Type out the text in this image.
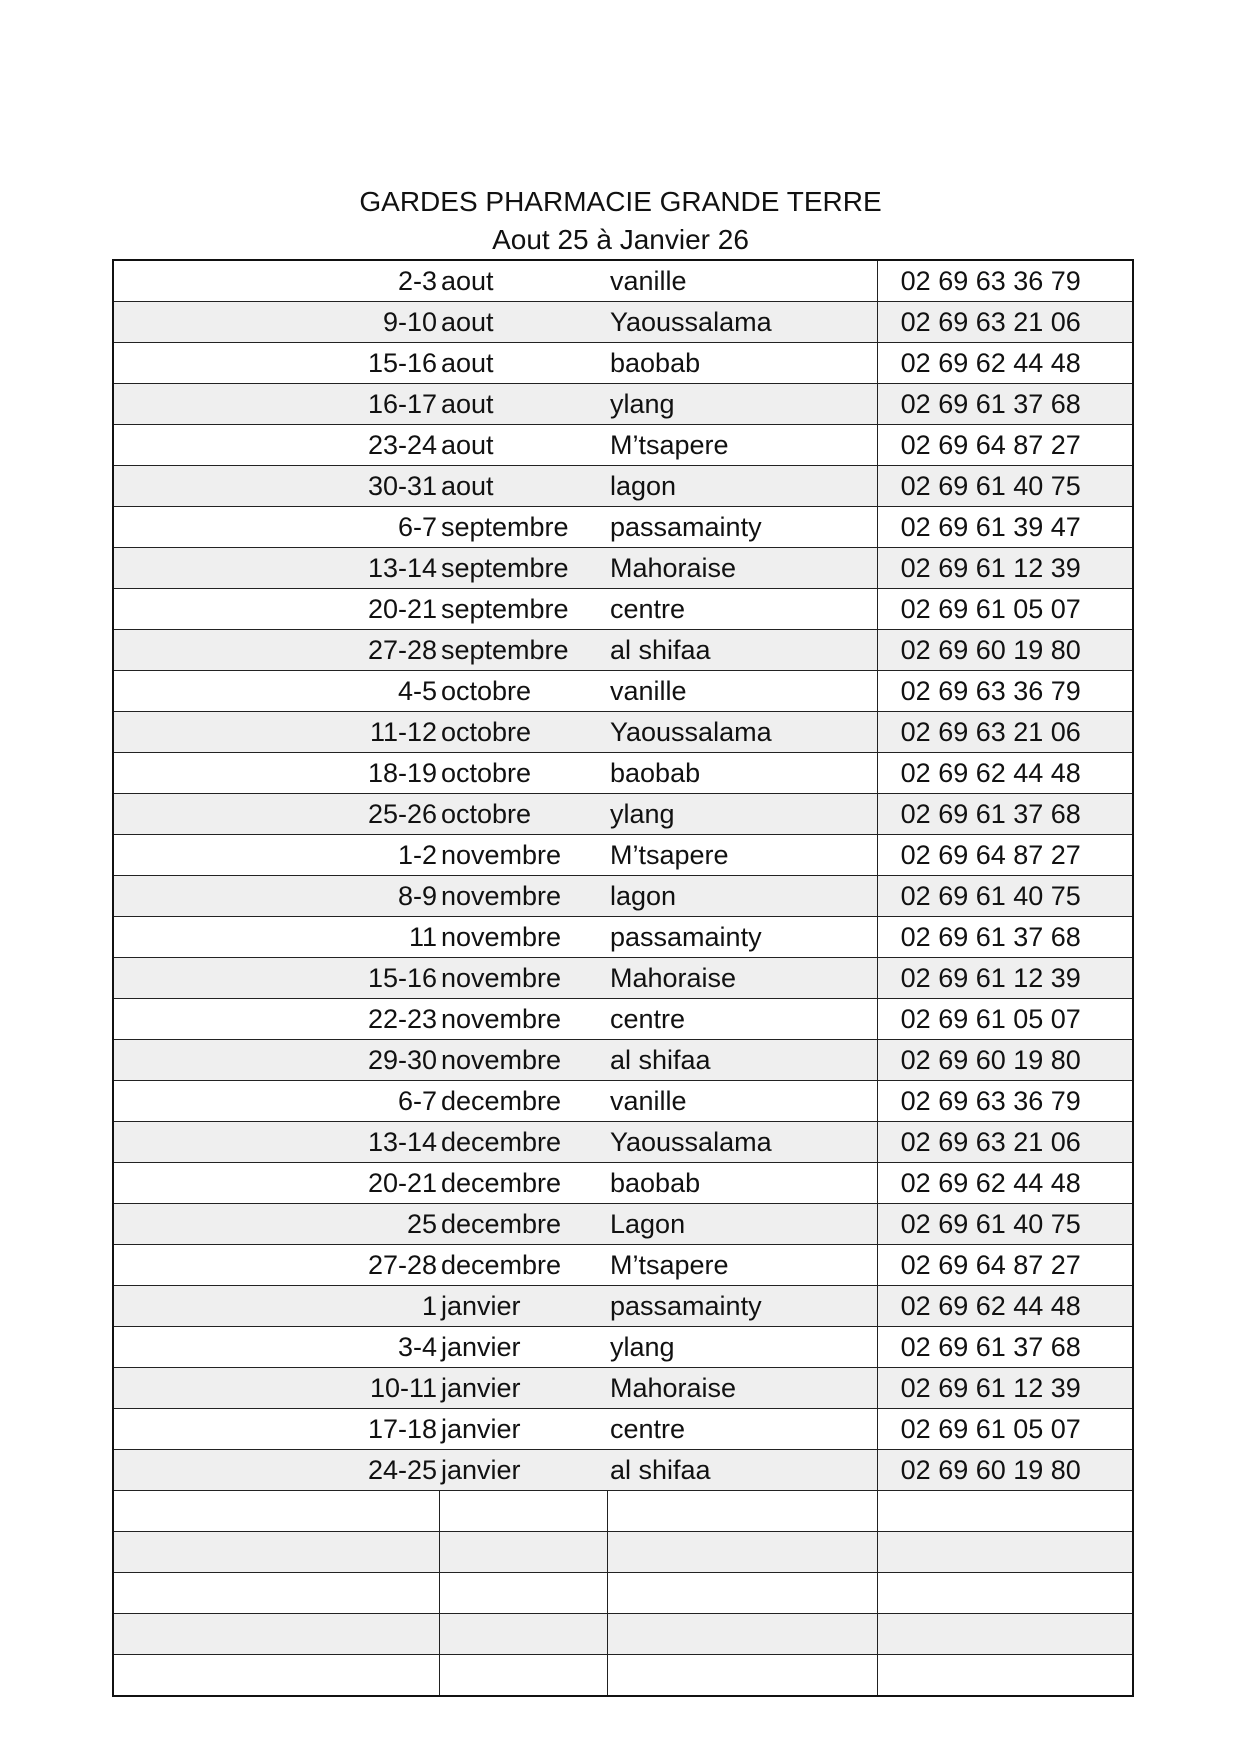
GARDES PHARMACIE GRANDE TERRE
Aout 25 à Janvier 26
2-3	aout	vanille	02 69 63 36 79
9-10	aout	Yaoussalama	02 69 63 21 06
15-16	aout	baobab	02 69 62 44 48
16-17	aout	ylang	02 69 61 37 68
23-24	aout	M’tsapere	02 69 64 87 27
30-31	aout	lagon	02 69 61 40 75
6-7	septembre	passamainty	02 69 61 39 47
13-14	septembre	Mahoraise	02 69 61 12 39
20-21	septembre	centre	02 69 61 05 07
27-28	septembre	al shifaa	02 69 60 19 80
4-5	octobre	vanille	02 69 63 36 79
11-12	octobre	Yaoussalama	02 69 63 21 06
18-19	octobre	baobab	02 69 62 44 48
25-26	octobre	ylang	02 69 61 37 68
1-2	novembre	M’tsapere	02 69 64 87 27
8-9	novembre	lagon	02 69 61 40 75
11	novembre	passamainty	02 69 61 37 68
15-16	novembre	Mahoraise	02 69 61 12 39
22-23	novembre	centre	02 69 61 05 07
29-30	novembre	al shifaa	02 69 60 19 80
6-7	decembre	vanille	02 69 63 36 79
13-14	decembre	Yaoussalama	02 69 63 21 06
20-21	decembre	baobab	02 69 62 44 48
25	decembre	Lagon	02 69 61 40 75
27-28	decembre	M’tsapere	02 69 64 87 27
1	janvier	passamainty	02 69 62 44 48
3-4	janvier	ylang	02 69 61 37 68
10-11	janvier	Mahoraise	02 69 61 12 39
17-18	janvier	centre	02 69 61 05 07
24-25	janvier	al shifaa	02 69 60 19 80
